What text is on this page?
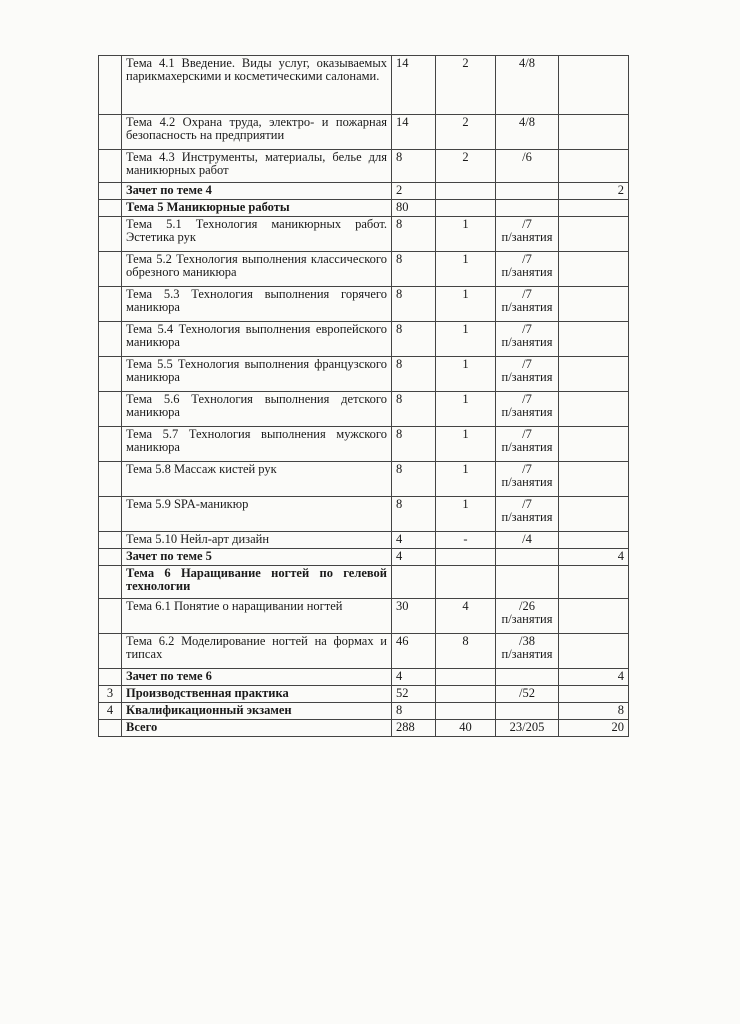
	Тема 4.1 Введение. Виды услуг, оказываемых парикмахерскими и косметическими салонами.	14	2	4/8	
	Тема 4.2 Охрана труда, электро- и пожарная безопасность на предприятии	14	2	4/8	
	Тема 4.3 Инструменты, материалы, белье для маникюрных работ	8	2	/6	
	Зачет по теме 4	2			2
	Тема 5 Маникюрные работы	80			
	Тема 5.1 Технология маникюрных работ. Эстетика рук	8	1	/7
п/занятия	
	Тема 5.2 Технология выполнения классического обрезного маникюра	8	1	/7
п/занятия	
	Тема 5.3 Технология выполнения горячего маникюра	8	1	/7
п/занятия	
	Тема 5.4 Технология выполнения европейского маникюра	8	1	/7
п/занятия	
	Тема 5.5 Технология выполнения французского маникюра	8	1	/7
п/занятия	
	Тема 5.6 Технология выполнения детского маникюра	8	1	/7
п/занятия	
	Тема 5.7 Технология выполнения мужского маникюра	8	1	/7
п/занятия	
	Тема 5.8 Массаж кистей рук	8	1	/7
п/занятия	
	Тема 5.9 SPA-маникюр	8	1	/7
п/занятия	
	Тема 5.10 Нейл-арт дизайн	4	-	/4	
	Зачет по теме 5	4			4
	Тема 6 Наращивание ногтей по гелевой технологии				
	Тема 6.1 Понятие о наращивании ногтей	30	4	/26
п/занятия	
	Тема 6.2 Моделирование ногтей на формах и типсах	46	8	/38
п/занятия	
	Зачет по теме 6	4			4
3	Производственная практика	52		/52	
4	Квалификационный экзамен	8			8
	Всего	288	40	23/205	20
